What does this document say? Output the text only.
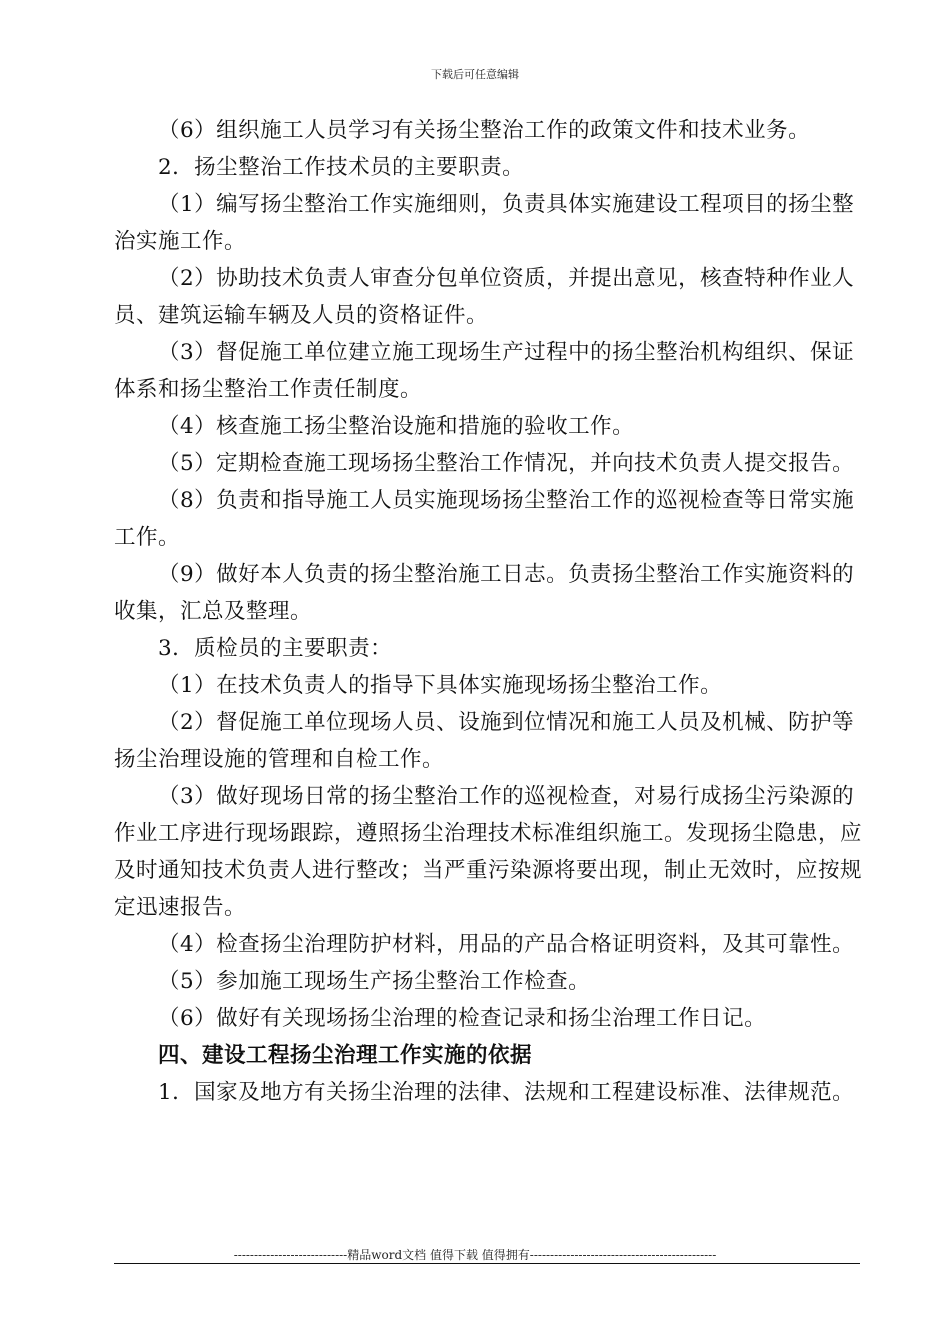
下载后可任意编辑

（6）组织施工人员学习有关扬尘整治工作的政策文件和技术业务。

2．扬尘整治工作技术员的主要职责。

（1）编写扬尘整治工作实施细则，负责具体实施建设工程项目的扬尘整治实施工作。

（2）协助技术负责人审查分包单位资质，并提出意见，核查特种作业人员、建筑运输车辆及人员的资格证件。

（3）督促施工单位建立施工现场生产过程中的扬尘整治机构组织、保证体系和扬尘整治工作责任制度。

（4）核查施工扬尘整治设施和措施的验收工作。

（5）定期检查施工现场扬尘整治工作情况，并向技术负责人提交报告。

（8）负责和指导施工人员实施现场扬尘整治工作的巡视检查等日常实施工作。

（9）做好本人负责的扬尘整治施工日志。负责扬尘整治工作实施资料的收集，汇总及整理。

3．质检员的主要职责：

（1）在技术负责人的指导下具体实施现场扬尘整治工作。

（2）督促施工单位现场人员、设施到位情况和施工人员及机械、防护等扬尘治理设施的管理和自检工作。

（3）做好现场日常的扬尘整治工作的巡视检查，对易行成扬尘污染源的作业工序进行现场跟踪，遵照扬尘治理技术标准组织施工。发现扬尘隐患，应及时通知技术负责人进行整改；当严重污染源将要出现，制止无效时，应按规定迅速报告。

（4）检查扬尘治理防护材料，用品的产品合格证明资料，及其可靠性。

（5）参加施工现场生产扬尘整治工作检查。

（6）做好有关现场扬尘治理的检查记录和扬尘治理工作日记。

四、建设工程扬尘治理工作实施的依据

1．国家及地方有关扬尘治理的法律、法规和工程建设标准、法律规范。

----------------------------精品word文档 值得下载 值得拥有----------------------------------------------
